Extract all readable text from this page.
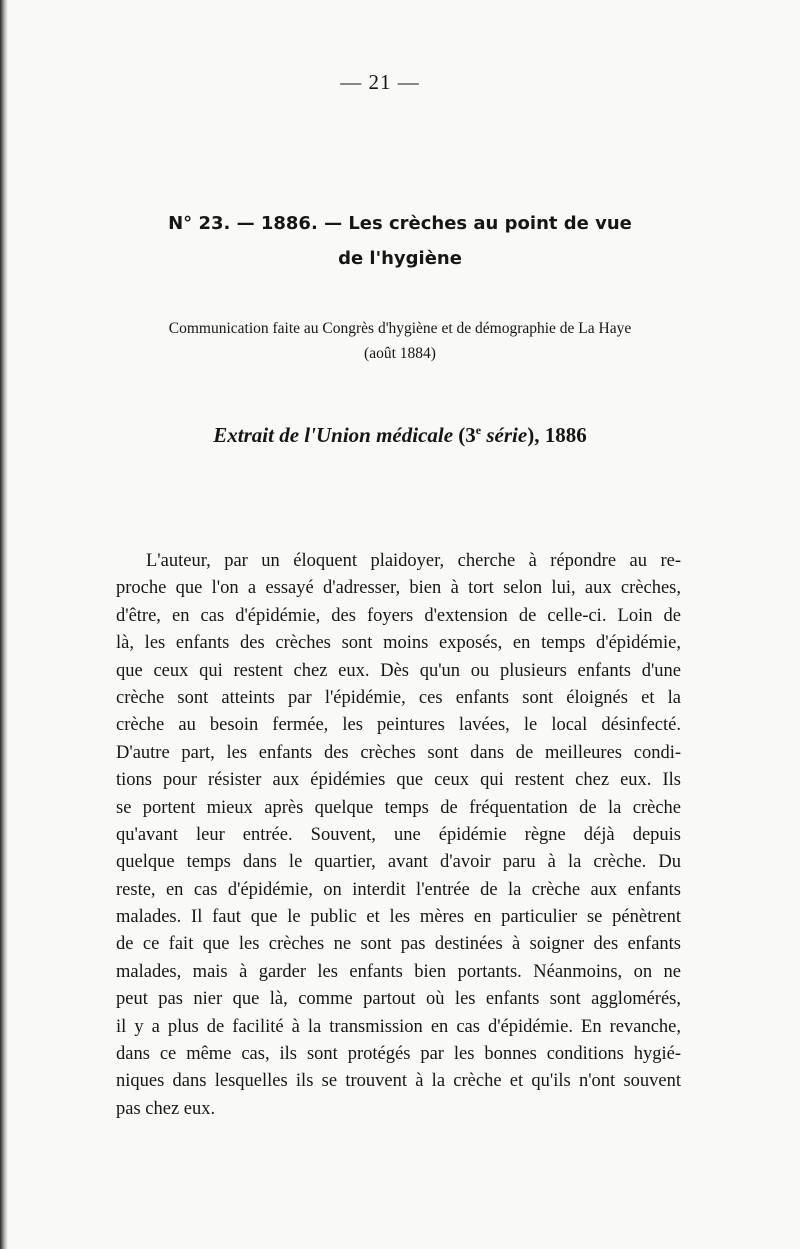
— 21 —
N° 23. — 1886. — Les crèches au point de vue
de l'hygiène
Communication faite au Congrès d'hygiène et de démographie de La Haye
(août 1884)
Extrait de l'Union médicale (3e série), 1886
L'auteur, par un éloquent plaidoyer, cherche à répondre au re-
proche que l'on a essayé d'adresser, bien à tort selon lui, aux crèches,
d'être, en cas d'épidémie, des foyers d'extension de celle-ci. Loin de
là, les enfants des crèches sont moins exposés, en temps d'épidémie,
que ceux qui restent chez eux. Dès qu'un ou plusieurs enfants d'une
crèche sont atteints par l'épidémie, ces enfants sont éloignés et la
crèche au besoin fermée, les peintures lavées, le local désinfecté.
D'autre part, les enfants des crèches sont dans de meilleures condi-
tions pour résister aux épidémies que ceux qui restent chez eux. Ils
se portent mieux après quelque temps de fréquentation de la crèche
qu'avant leur entrée. Souvent, une épidémie règne déjà depuis
quelque temps dans le quartier, avant d'avoir paru à la crèche. Du
reste, en cas d'épidémie, on interdit l'entrée de la crèche aux enfants
malades. Il faut que le public et les mères en particulier se pénètrent
de ce fait que les crèches ne sont pas destinées à soigner des enfants
malades, mais à garder les enfants bien portants. Néanmoins, on ne
peut pas nier que là, comme partout où les enfants sont agglomérés,
il y a plus de facilité à la transmission en cas d'épidémie. En revanche,
dans ce même cas, ils sont protégés par les bonnes conditions hygié-
niques dans lesquelles ils se trouvent à la crèche et qu'ils n'ont souvent
pas chez eux.
